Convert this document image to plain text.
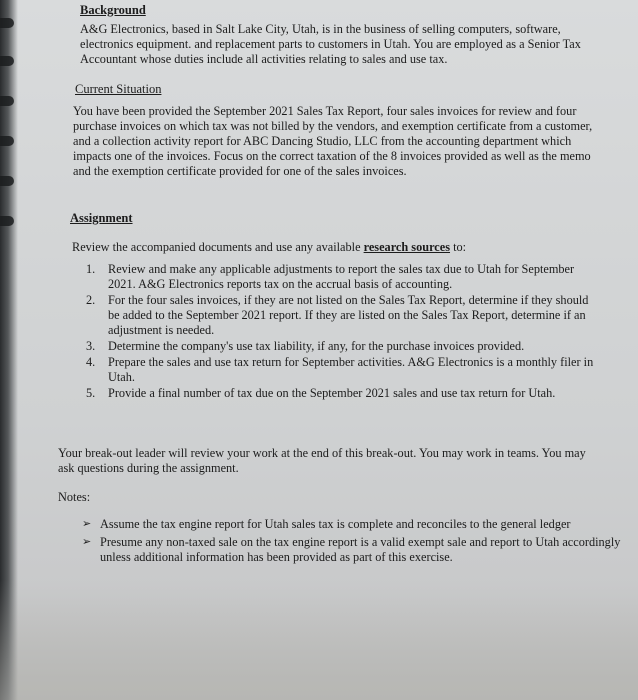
Background
A&G Electronics, based in Salt Lake City, Utah, is in the business of selling computers, software, electronics equipment. and replacement parts to customers in Utah. You are employed as a Senior Tax Accountant whose duties include all activities relating to sales and use tax.
Current Situation
You have been provided the September 2021 Sales Tax Report, four sales invoices for review and four purchase invoices on which tax was not billed by the vendors, and exemption certificate from a customer, and a collection activity report for ABC Dancing Studio, LLC from the accounting department which impacts one of the invoices. Focus on the correct taxation of the 8 invoices provided as well as the memo and the exemption certificate provided for one of the sales invoices.
Assignment
Review the accompanied documents and use any available research sources to:
1. Review and make any applicable adjustments to report the sales tax due to Utah for September 2021. A&G Electronics reports tax on the accrual basis of accounting.
2. For the four sales invoices, if they are not listed on the Sales Tax Report, determine if they should be added to the September 2021 report. If they are listed on the Sales Tax Report, determine if an adjustment is needed.
3. Determine the company's use tax liability, if any, for the purchase invoices provided.
4. Prepare the sales and use tax return for September activities. A&G Electronics is a monthly filer in Utah.
5. Provide a final number of tax due on the September 2021 sales and use tax return for Utah.
Your break-out leader will review your work at the end of this break-out. You may work in teams. You may ask questions during the assignment.
Notes:
➢ Assume the tax engine report for Utah sales tax is complete and reconciles to the general ledger
➢ Presume any non-taxed sale on the tax engine report is a valid exempt sale and report to Utah accordingly unless additional information has been provided as part of this exercise.
